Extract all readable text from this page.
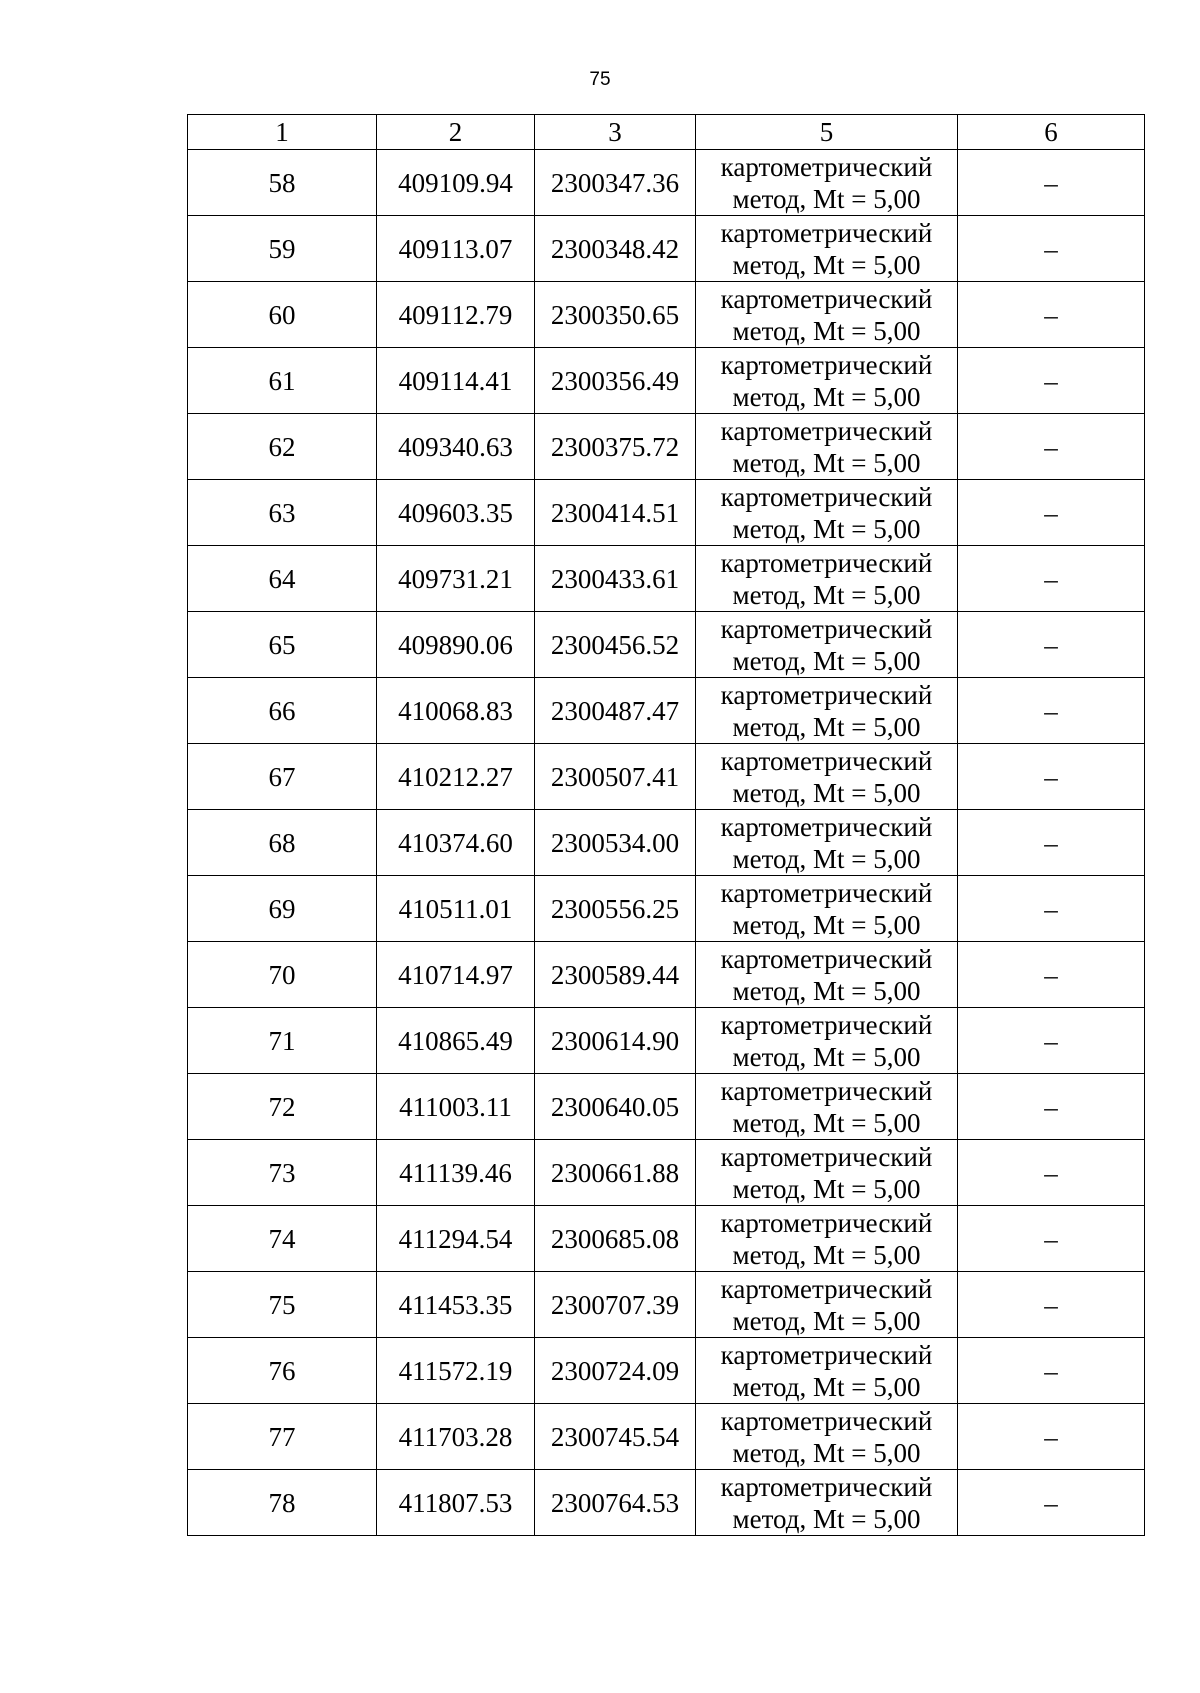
75
1	2	3	5	6
58	409109.94	2300347.36	картометрический
метод, Mt = 5,00	–
59	409113.07	2300348.42	картометрический
метод, Mt = 5,00	–
60	409112.79	2300350.65	картометрический
метод, Mt = 5,00	–
61	409114.41	2300356.49	картометрический
метод, Mt = 5,00	–
62	409340.63	2300375.72	картометрический
метод, Mt = 5,00	–
63	409603.35	2300414.51	картометрический
метод, Mt = 5,00	–
64	409731.21	2300433.61	картометрический
метод, Mt = 5,00	–
65	409890.06	2300456.52	картометрический
метод, Mt = 5,00	–
66	410068.83	2300487.47	картометрический
метод, Mt = 5,00	–
67	410212.27	2300507.41	картометрический
метод, Mt = 5,00	–
68	410374.60	2300534.00	картометрический
метод, Mt = 5,00	–
69	410511.01	2300556.25	картометрический
метод, Mt = 5,00	–
70	410714.97	2300589.44	картометрический
метод, Mt = 5,00	–
71	410865.49	2300614.90	картометрический
метод, Mt = 5,00	–
72	411003.11	2300640.05	картометрический
метод, Mt = 5,00	–
73	411139.46	2300661.88	картометрический
метод, Mt = 5,00	–
74	411294.54	2300685.08	картометрический
метод, Mt = 5,00	–
75	411453.35	2300707.39	картометрический
метод, Mt = 5,00	–
76	411572.19	2300724.09	картометрический
метод, Mt = 5,00	–
77	411703.28	2300745.54	картометрический
метод, Mt = 5,00	–
78	411807.53	2300764.53	картометрический
метод, Mt = 5,00	–
